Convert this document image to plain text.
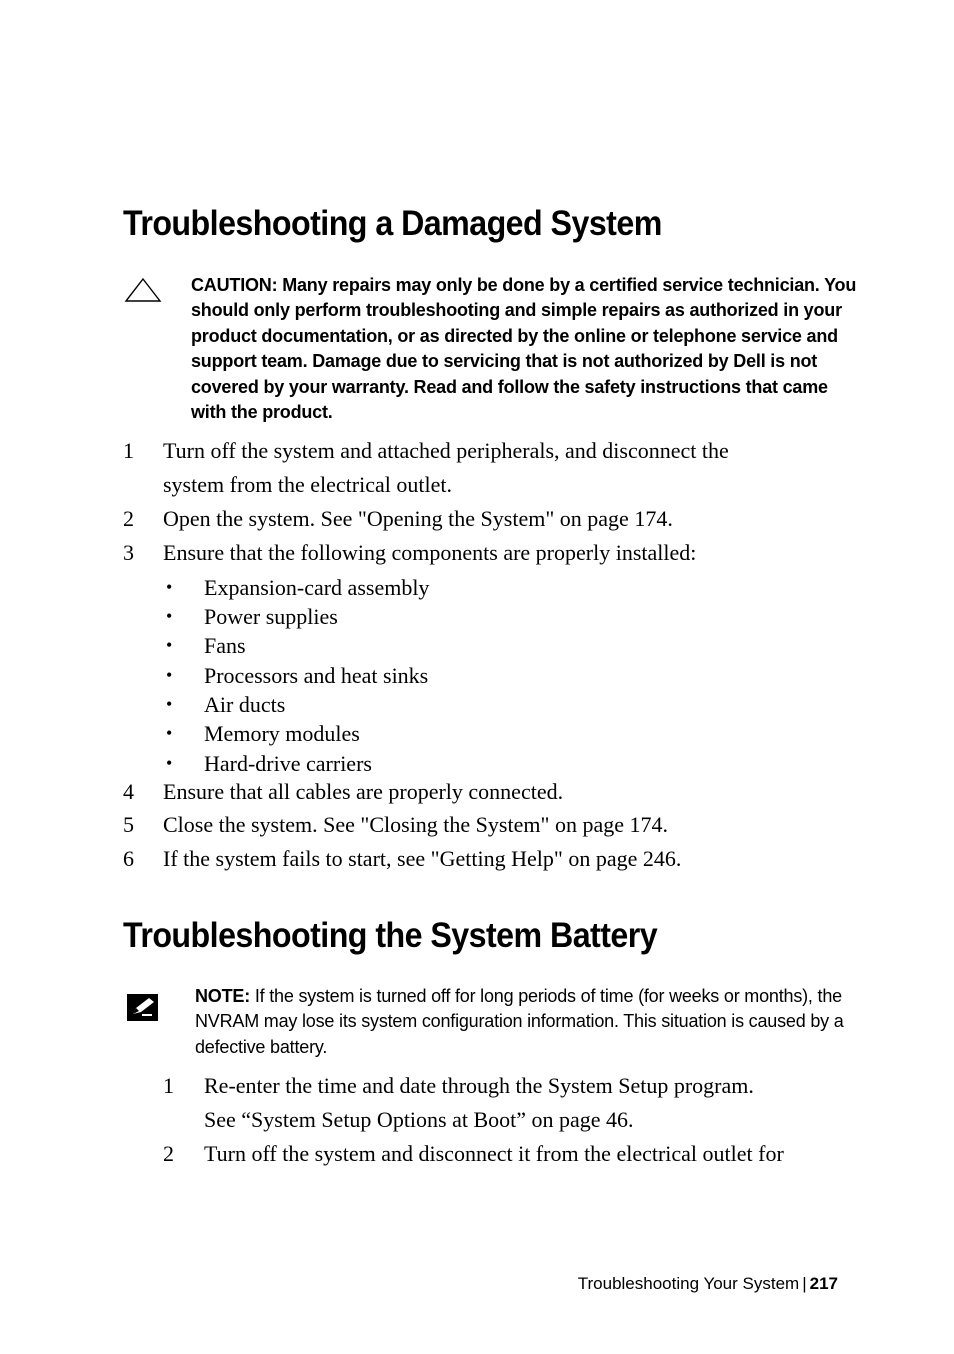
Troubleshooting a Damaged System
CAUTION: Many repairs may only be done by a certified service technician. You should only perform troubleshooting and simple repairs as authorized in your product documentation, or as directed by the online or telephone service and support team. Damage due to servicing that is not authorized by Dell is not covered by your warranty. Read and follow the safety instructions that came with the product.
1 Turn off the system and attached peripherals, and disconnect the
system from the electrical outlet.
2 Open the system. See "Opening the System" on page 174.
3 Ensure that the following components are properly installed:
• Expansion-card assembly
• Power supplies
• Fans
• Processors and heat sinks
• Air ducts
• Memory modules
• Hard-drive carriers
4 Ensure that all cables are properly connected.
5 Close the system. See "Closing the System" on page 174.
6 If the system fails to start, see "Getting Help" on page 246.
Troubleshooting the System Battery
NOTE: If the system is turned off for long periods of time (for weeks or months), the NVRAM may lose its system configuration information. This situation is caused by a defective battery.
1 Re-enter the time and date through the System Setup program.
See “System Setup Options at Boot” on page 46.
2 Turn off the system and disconnect it from the electrical outlet for
Troubleshooting Your System | 217
